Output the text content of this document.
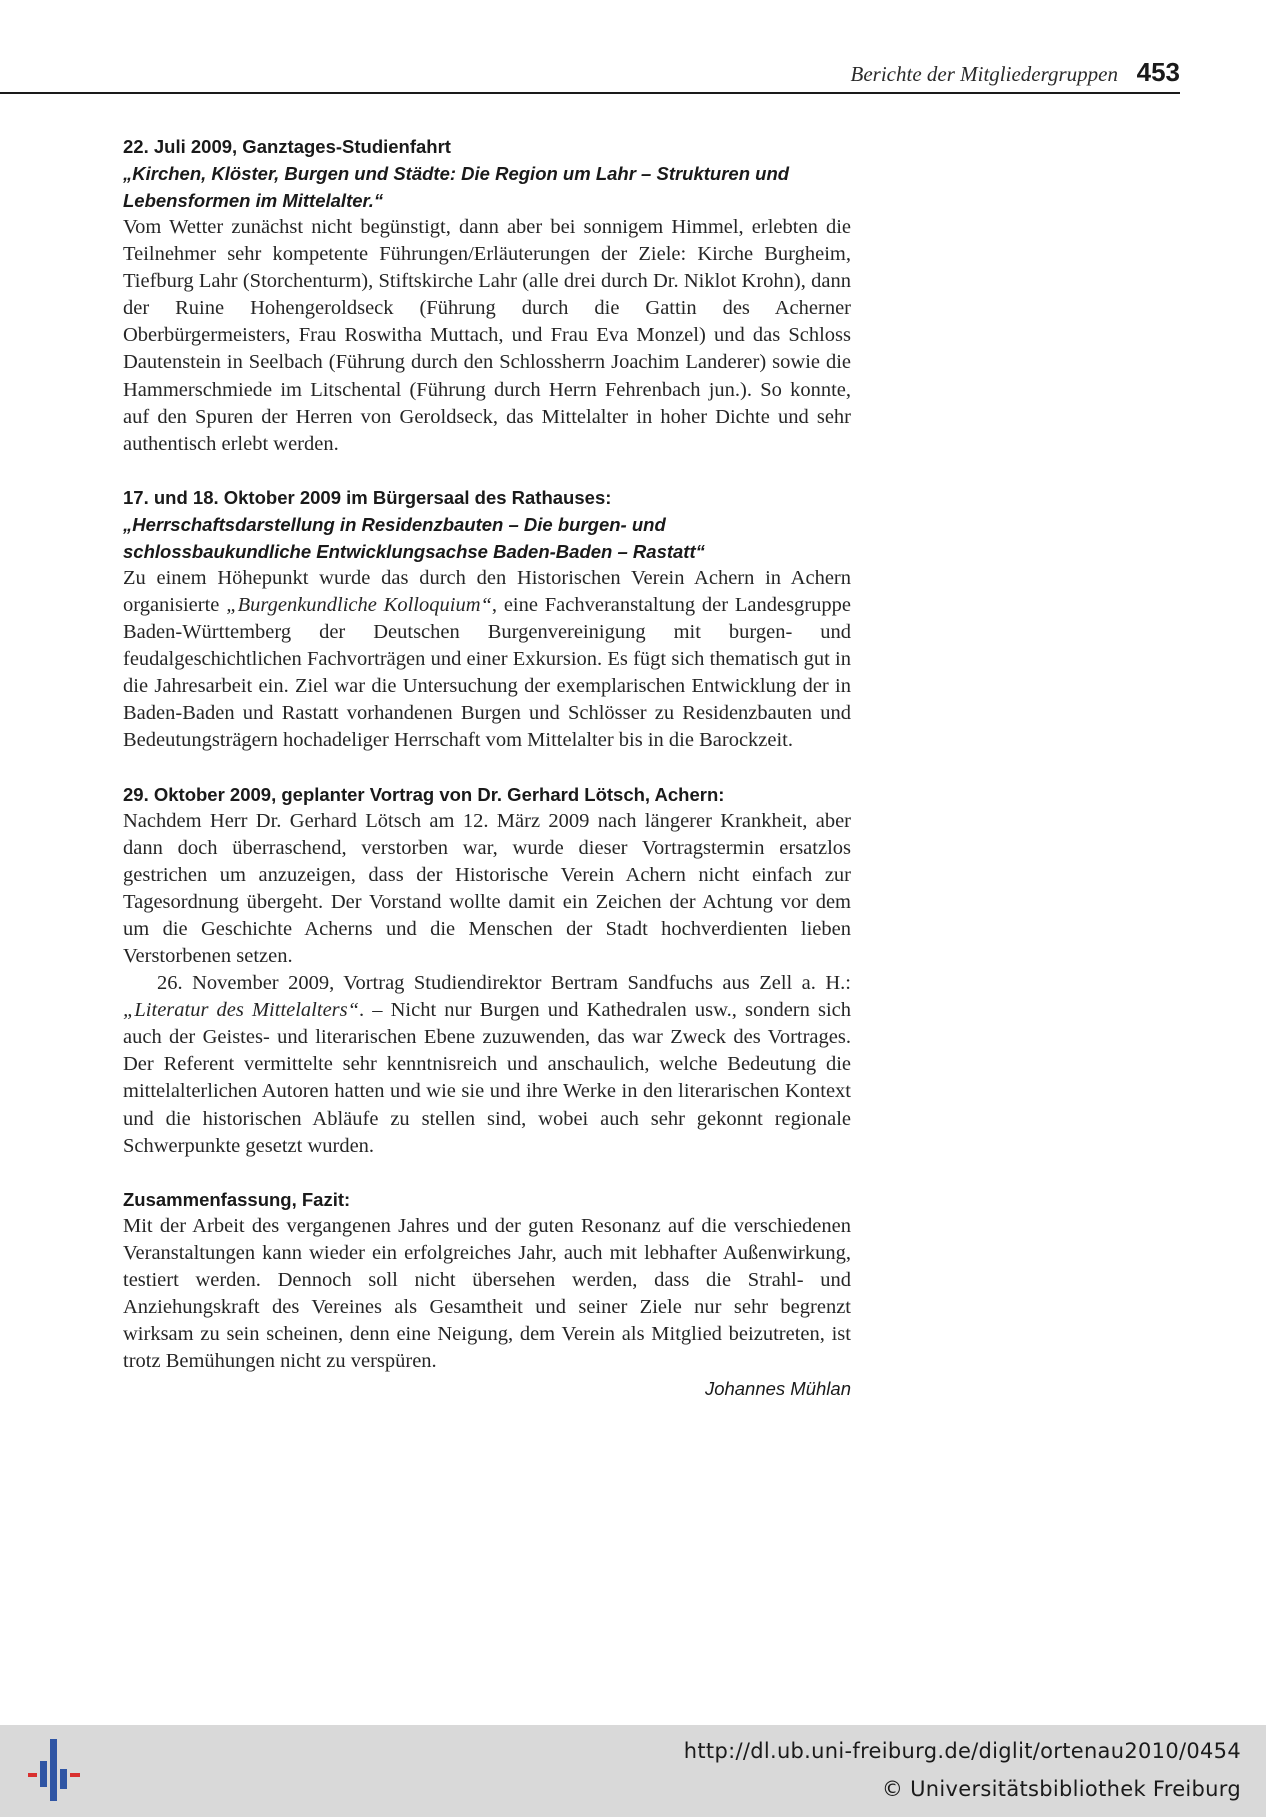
Berichte der Mitgliedergruppen 453
22. Juli 2009, Ganztages-Studienfahrt
„Kirchen, Klöster, Burgen und Städte: Die Region um Lahr – Strukturen und Lebensformen im Mittelalter.“
Vom Wetter zunächst nicht begünstigt, dann aber bei sonnigem Himmel, erlebten die Teilnehmer sehr kompetente Führungen/Erläuterungen der Ziele: Kirche Burgheim, Tiefburg Lahr (Storchenturm), Stiftskirche Lahr (alle drei durch Dr. Niklot Krohn), dann der Ruine Hohengeroldseck (Führung durch die Gattin des Acherner Oberbürgermeisters, Frau Roswitha Muttach, und Frau Eva Monzel) und das Schloss Dautenstein in Seelbach (Führung durch den Schlossherrn Joachim Landerer) sowie die Hammerschmiede im Litschental (Führung durch Herrn Fehrenbach jun.). So konnte, auf den Spuren der Herren von Geroldseck, das Mittelalter in hoher Dichte und sehr authentisch erlebt werden.
17. und 18. Oktober 2009 im Bürgersaal des Rathauses:
„Herrschaftsdarstellung in Residenzbauten – Die burgen- und schlossbaukundliche Entwicklungsachse Baden-Baden – Rastatt“
Zu einem Höhepunkt wurde das durch den Historischen Verein Achern in Achern organisierte „Burgenkundliche Kolloquium“, eine Fachveranstaltung der Landesgruppe Baden-Württemberg der Deutschen Burgenvereinigung mit burgen- und feudalgeschichtlichen Fachvorträgen und einer Exkursion. Es fügt sich thematisch gut in die Jahresarbeit ein. Ziel war die Untersuchung der exemplarischen Entwicklung der in Baden-Baden und Rastatt vorhandenen Burgen und Schlösser zu Residenzbauten und Bedeutungsträgern hochadeliger Herrschaft vom Mittelalter bis in die Barockzeit.
29. Oktober 2009, geplanter Vortrag von Dr. Gerhard Lötsch, Achern:
Nachdem Herr Dr. Gerhard Lötsch am 12. März 2009 nach längerer Krankheit, aber dann doch überraschend, verstorben war, wurde dieser Vortragstermin ersatzlos gestrichen um anzuzeigen, dass der Historische Verein Achern nicht einfach zur Tagesordnung übergeht. Der Vorstand wollte damit ein Zeichen der Achtung vor dem um die Geschichte Acherns und die Menschen der Stadt hochverdienten lieben Verstorbenen setzen.
26. November 2009, Vortrag Studiendirektor Bertram Sandfuchs aus Zell a. H.: „Literatur des Mittelalters“. – Nicht nur Burgen und Kathedralen usw., sondern sich auch der Geistes- und literarischen Ebene zuzuwenden, das war Zweck des Vortrages. Der Referent vermittelte sehr kenntnisreich und anschaulich, welche Bedeutung die mittelalterlichen Autoren hatten und wie sie und ihre Werke in den literarischen Kontext und die historischen Abläufe zu stellen sind, wobei auch sehr gekonnt regionale Schwerpunkte gesetzt wurden.
Zusammenfassung, Fazit:
Mit der Arbeit des vergangenen Jahres und der guten Resonanz auf die verschiedenen Veranstaltungen kann wieder ein erfolgreiches Jahr, auch mit lebhafter Außenwirkung, testiert werden. Dennoch soll nicht übersehen werden, dass die Strahl- und Anziehungskraft des Vereines als Gesamtheit und seiner Ziele nur sehr begrenzt wirksam zu sein scheinen, denn eine Neigung, dem Verein als Mitglied beizutreten, ist trotz Bemühungen nicht zu verspüren.
Johannes Mühlan
http://dl.ub.uni-freiburg.de/diglit/ortenau2010/0454
© Universitätsbibliothek Freiburg
